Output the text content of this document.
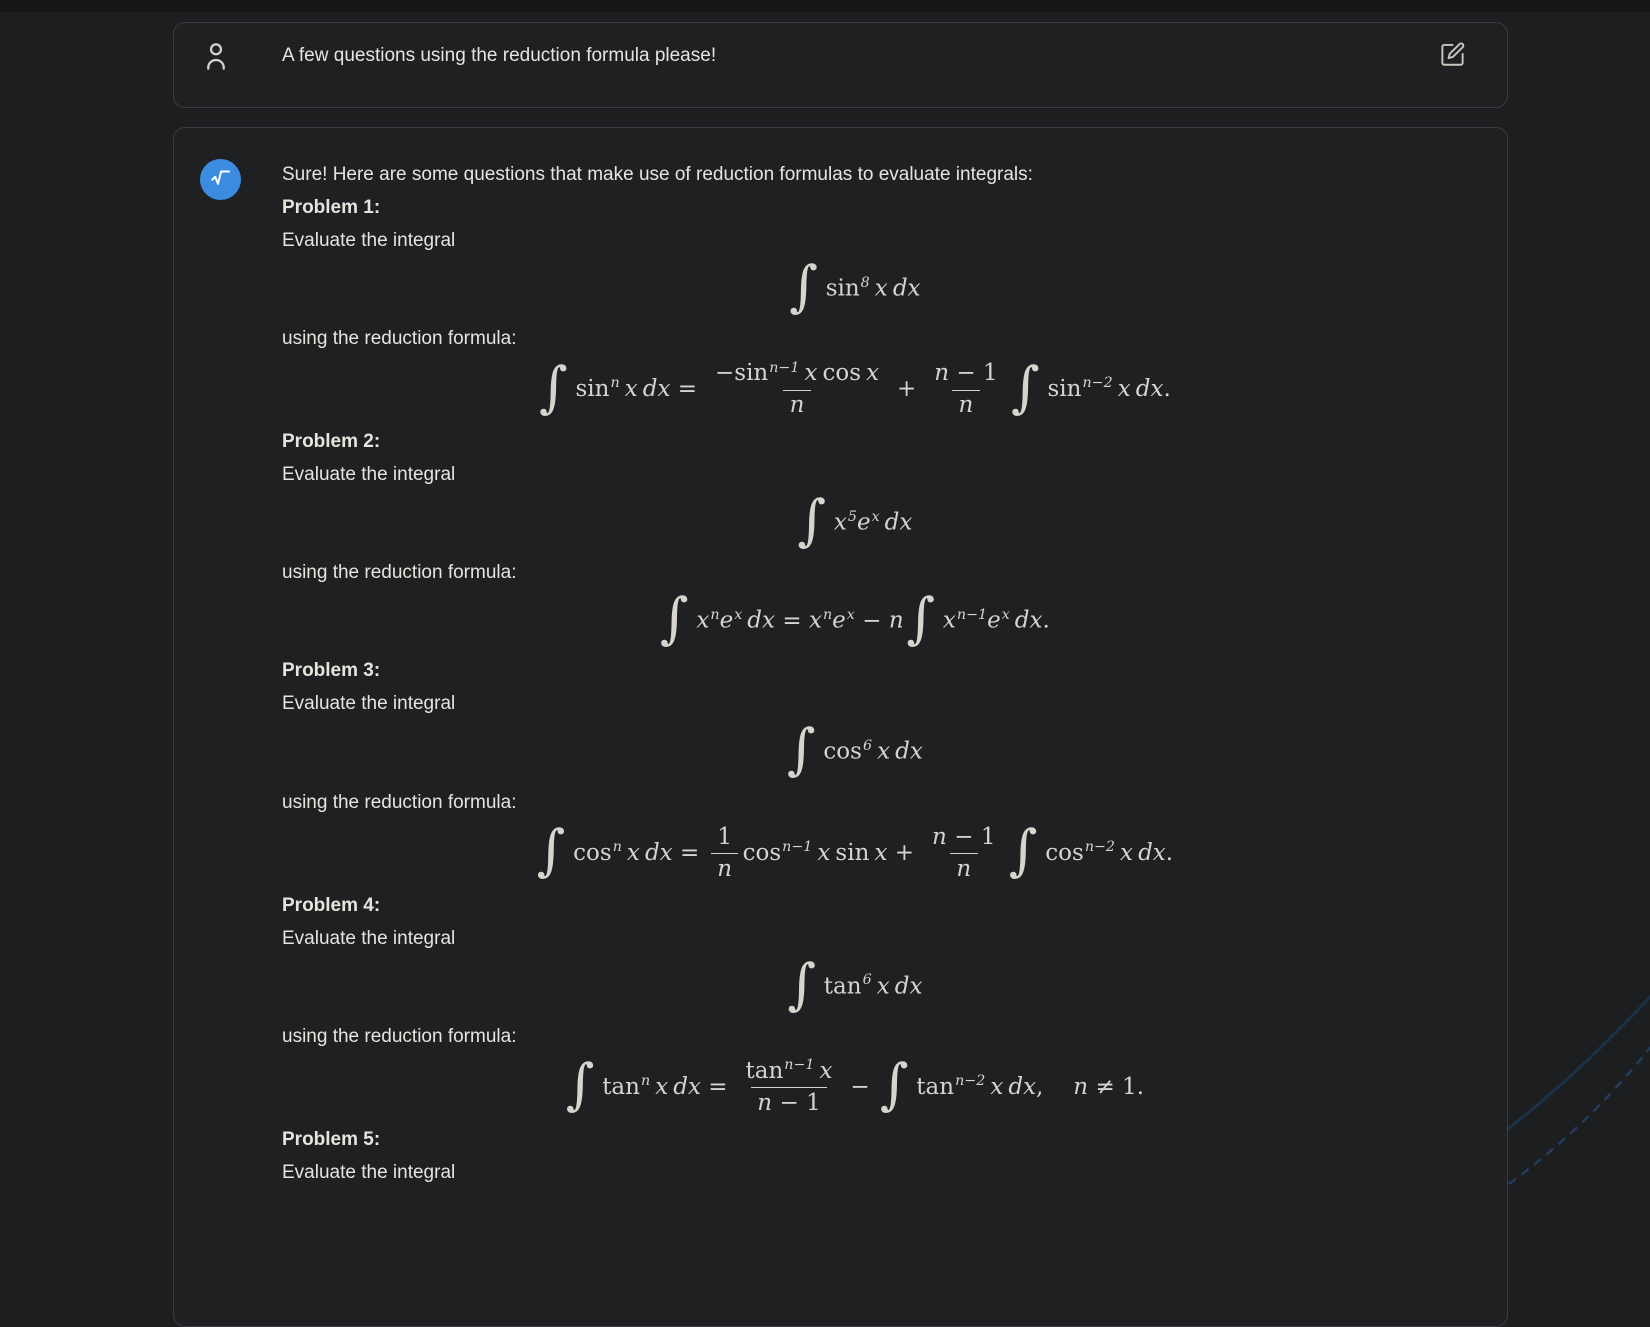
A few questions using the reduction formula please!

Sure! Here are some questions that make use of reduction formulas to evaluate integrals:

Problem 1:

Evaluate the integral

∫ $\sin^8 x$ dx

using the reduction formula:

∫ $\sin^n x$ dx = $\frac{-\sin^{n-1} x \cos x}{n} + \frac{n - 1}{n}$ ∫ $\sin^{n-2} x$ dx.

Problem 2:

Evaluate the integral

∫ $x^5e^x$ dx

using the reduction formula:

∫ $x^ne^x$ dx = $x^ne^x - n\int$ $x^{n-1}e^x$ dx.

Problem 3:

Evaluate the integral

∫ $\cos^6 x$ dx

using the reduction formula:

∫ $\cos^n x$ dx = $\frac{1}{n} \cos^{n-1} x$ $\sin x + \frac{n - 1}{n}$ ∫ $\cos^{n-2} x$ dx.

Problem 4:

Evaluate the integral

∫ $\tan^6 x$ dx

using the reduction formula:

∫ $\tan^n x$ dx = $\frac{\tan^{n-1} x}{n - 1}$ − ∫ $\tan^{n-2} x$ dx, n ≠ 1.

Problem 5:

Evaluate the integral
